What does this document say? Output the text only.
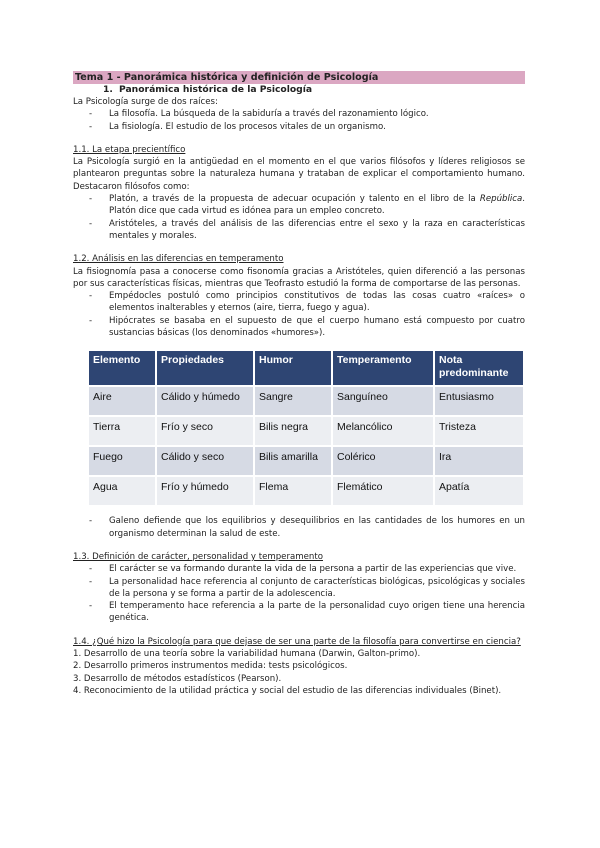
Tema 1 - Panorámica histórica y definición de Psicología
1. Panorámica histórica de la Psicología

La Psicología surge de dos raíces:

- La filosofía. La búsqueda de la sabiduría a través del razonamiento lógico.
- La fisiología. El estudio de los procesos vitales de un organismo.

1.1. La etapa precientífico

La Psicología surgió en la antigüedad en el momento en el que varios filósofos y líderes religiosos se plantearon preguntas sobre la naturaleza humana y trataban de explicar el comportamiento humano. Destacaron filósofos como:

- Platón, a través de la propuesta de adecuar ocupación y talento en el libro de la República. Platón dice que cada virtud es idónea para un empleo concreto.
- Aristóteles, a través del análisis de las diferencias entre el sexo y la raza en características mentales y morales.

1.2. Análisis en las diferencias en temperamento

La fisiognomía pasa a conocerse como fisonomía gracias a Aristóteles, quien diferenció a las personas por sus características físicas, mientras que Teofrasto estudió la forma de comportarse de las personas.

- Empédocles postuló como principios constitutivos de todas las cosas cuatro «raíces» o elementos inalterables y eternos (aire, tierra, fuego y agua).
- Hipócrates se basaba en el supuesto de que el cuerpo humano está compuesto por cuatro sustancias básicas (los denominados «humores»).
Elemento	Propiedades	Humor	Temperamento	Nota predominante
Aire	Cálido y húmedo	Sangre	Sanguíneo	Entusiasmo
Tierra	Frío y seco	Bilis negra	Melancólico	Tristeza
Fuego	Cálido y seco	Bilis amarilla	Colérico	Ira
Agua	Frío y húmedo	Flema	Flemático	Apatía
- Galeno defiende que los equilibrios y desequilibrios en las cantidades de los humores en un organismo determinan la salud de este.

1.3. Definición de carácter, personalidad y temperamento

- El carácter se va formando durante la vida de la persona a partir de las experiencias que vive.
- La personalidad hace referencia al conjunto de características biológicas, psicológicas y sociales de la persona y se forma a partir de la adolescencia.
- El temperamento hace referencia a la parte de la personalidad cuyo origen tiene una herencia genética.

1.4. ¿Qué hizo la Psicología para que dejase de ser una parte de la filosofía para convertirse en ciencia?

1. Desarrollo de una teoría sobre la variabilidad humana (Darwin, Galton-primo).
2. Desarrollo primeros instrumentos medida: tests psicológicos.
3. Desarrollo de métodos estadísticos (Pearson).
4. Reconocimiento de la utilidad práctica y social del estudio de las diferencias individuales (Binet).
